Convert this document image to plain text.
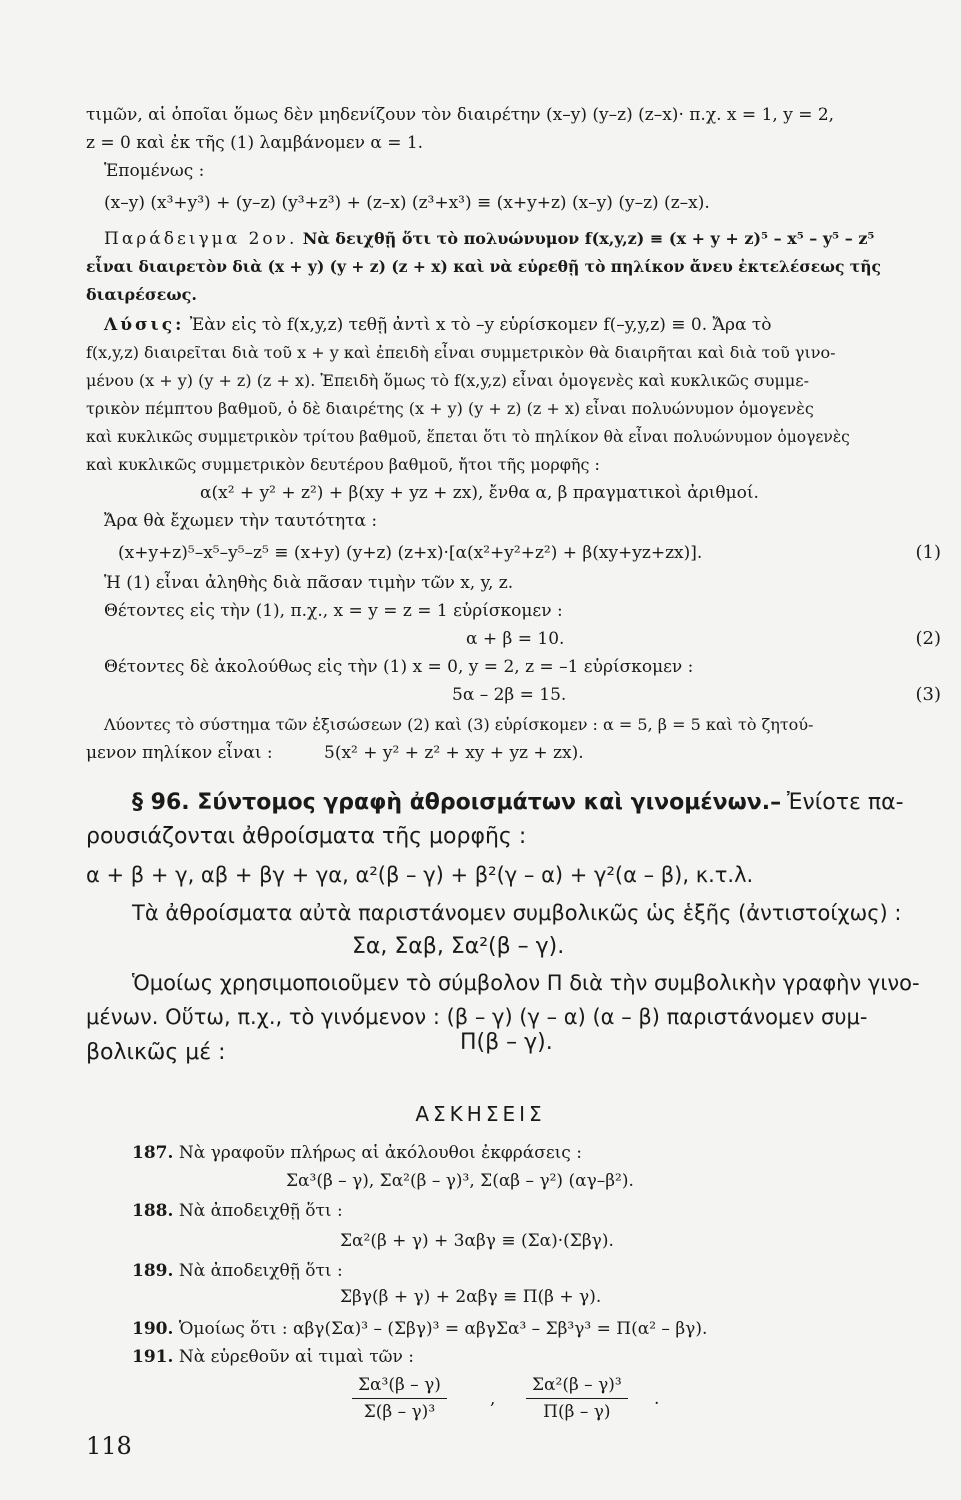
τιμῶν, αἱ ὁποῖαι ὅμως δὲν μηδενίζουν τὸν διαιρέτην (x–y) (y–z) (z–x)· π.χ. x = 1, y = 2,
z = 0 καὶ ἐκ τῆς (1) λαμβάνομεν α = 1.
Ἑπομένως :
(x–y) (x³+y³) + (y–z) (y³+z³) + (z–x) (z³+x³) ≡ (x+y+z) (x–y) (y–z) (z–x).
Παράδειγμα 2ον. Νὰ δειχθῇ ὅτι τὸ πολυώνυμον f(x,y,z) ≡ (x + y + z)⁵ – x⁵ – y⁵ – z⁵
εἶναι διαιρετὸν διὰ (x + y) (y + z) (z + x) καὶ νὰ εὑρεθῇ τὸ πηλίκον ἄνευ ἐκτελέσεως τῆς
διαιρέσεως.
Λύσις: Ἐὰν εἰς τὸ f(x,y,z) τεθῇ ἀντὶ x τὸ –y εὑρίσκομεν f(–y,y,z) ≡ 0. Ἄρα τὸ
f(x,y,z) διαιρεῖται διὰ τοῦ x + y καὶ ἐπειδὴ εἶναι συμμετρικὸν θὰ διαιρῆται καὶ διὰ τοῦ γινο-
μένου (x + y) (y + z) (z + x). Ἐπειδὴ ὅμως τὸ f(x,y,z) εἶναι ὁμογενὲς καὶ κυκλικῶς συμμε-
τρικὸν πέμπτου βαθμοῦ, ὁ δὲ διαιρέτης (x + y) (y + z) (z + x) εἶναι πολυώνυμον ὁμογενὲς
καὶ κυκλικῶς συμμετρικὸν τρίτου βαθμοῦ, ἕπεται ὅτι τὸ πηλίκον θὰ εἶναι πολυώνυμον ὁμογενὲς
καὶ κυκλικῶς συμμετρικὸν δευτέρου βαθμοῦ, ἤτοι τῆς μορφῆς :
α(x² + y² + z²) + β(xy + yz + zx), ἔνθα α, β πραγματικοὶ ἀριθμοί.
Ἄρα θὰ ἔχωμεν τὴν ταυτότητα :
(x+y+z)⁵–x⁵–y⁵–z⁵ ≡ (x+y) (y+z) (z+x)·[α(x²+y²+z²) + β(xy+yz+zx)].	(1)
Ἡ (1) εἶναι ἀληθὴς διὰ πᾶσαν τιμὴν τῶν x, y, z.
Θέτοντες εἰς τὴν (1), π.χ., x = y = z = 1 εὑρίσκομεν :
α + β = 10.	(2)
Θέτοντες δὲ ἀκολούθως εἰς τὴν (1) x = 0, y = 2, z = –1 εὑρίσκομεν :
5α – 2β = 15.	(3)
Λύοντες τὸ σύστημα τῶν ἐξισώσεων (2) καὶ (3) εὑρίσκομεν : α = 5, β = 5 καὶ τὸ ζητού-
μενον πηλίκον εἶναι :	5(x² + y² + z² + xy + yz + zx).
§ 96. Σύντομος γραφὴ ἀθροισμάτων καὶ γινομένων.– Ἐνίοτε πα-
ρουσιάζονται ἀθροίσματα τῆς μορφῆς :
α + β + γ, αβ + βγ + γα, α²(β – γ) + β²(γ – α) + γ²(α – β), κ.τ.λ.
Τὰ ἀθροίσματα αὐτὰ παριστάνομεν συμβολικῶς ὡς ἑξῆς (ἀντιστοίχως) :
Σα, Σαβ, Σα²(β – γ).
Ὁμοίως χρησιμοποιοῦμεν τὸ σύμβολον Π διὰ τὴν συμβολικὴν γραφὴν γινο-
μένων. Οὕτω, π.χ., τὸ γινόμενον : (β – γ) (γ – α) (α – β) παριστάνομεν συμ-
βολικῶς μέ :	Π(β – γ).
ΑΣΚΗΣΕΙΣ
187. Νὰ γραφοῦν πλήρως αἱ ἀκόλουθοι ἐκφράσεις :
Σα³(β – γ), Σα²(β – γ)³, Σ(αβ – γ²) (αγ–β²).
188. Νὰ ἀποδειχθῇ ὅτι :
Σα²(β + γ) + 3αβγ ≡ (Σα)·(Σβγ).
189. Νὰ ἀποδειχθῇ ὅτι :
Σβγ(β + γ) + 2αβγ ≡ Π(β + γ).
190. Ὁμοίως ὅτι : αβγ(Σα)³ – (Σβγ)³ = αβγΣα³ – Σβ³γ³ = Π(α² – βγ).
191. Νὰ εὑρεθοῦν αἱ τιμαὶ τῶν :
$\frac{\text{Σα³(β – γ)}}{\text{Σ(β – γ)³}}$	, $\frac{\text{Σα²(β – γ)³}}{\Pi(\beta - \gamma)}$ .
118
